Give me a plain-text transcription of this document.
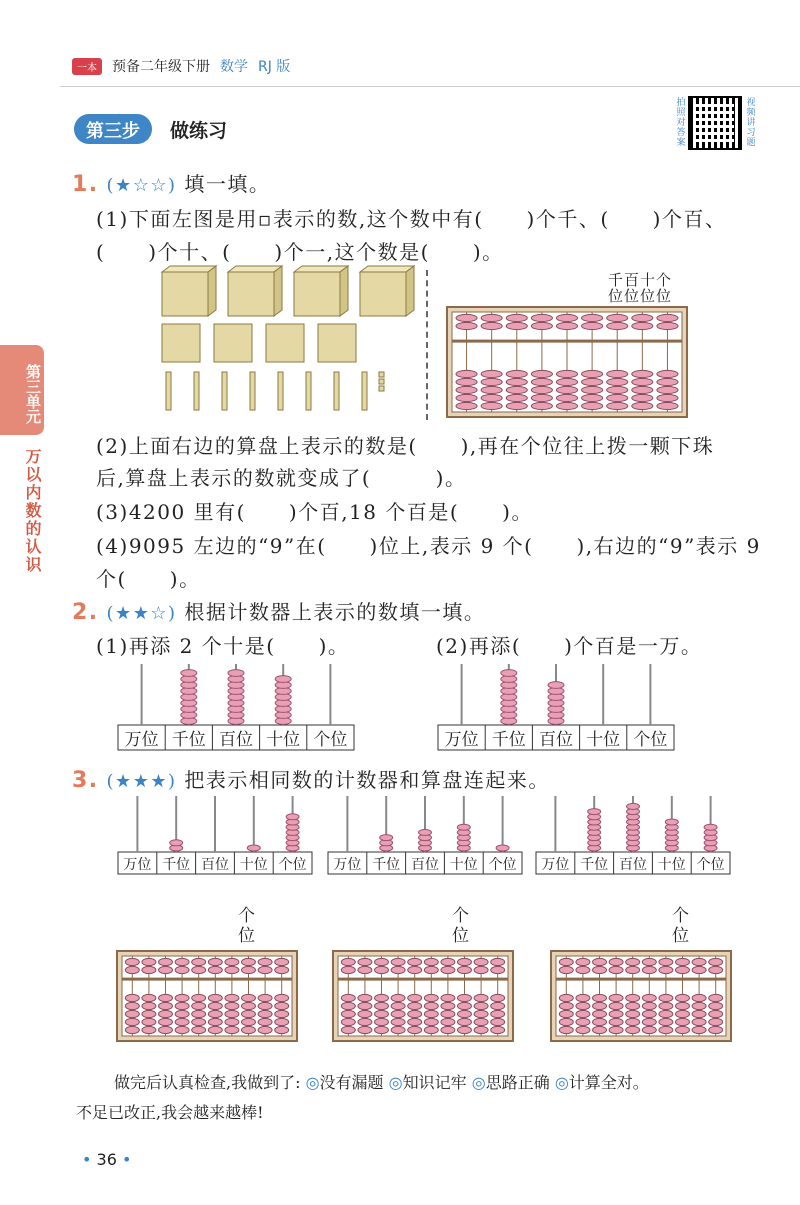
一本	预备二年级下册 数学 RJ 版
第三步	做练习
拍照对答案
视频讲习题
第三单元
万以内数的认识
1. (★☆☆) 填一填。
(1)下面左图是用▫表示的数,这个数中有(　　)个千、(　　)个百、
(　　)个十、(　　)个一,这个数是(　　)。
千百十个
位位位位
(2)上面右边的算盘上表示的数是(　　),再在个位往上拨一颗下珠
后,算盘上表示的数就变成了(　　　)。
(3)4200 里有(　　)个百,18 个百是(　　)。
(4)9095 左边的“9”在(　　)位上,表示 9 个(　　),右边的“9”表示 9
个(　　)。
2. (★★☆) 根据计数器上表示的数填一填。
(1)再添 2 个十是(　　)。	(2)再添(　　)个百是一万。
万位 千位 百位 十位 个位	万位 千位 百位 十位 个位
3. (★★★) 把表示相同数的计数器和算盘连起来。
万位 千位 百位 十位 个位 万位 千位 百位 十位 个位 万位 千位 百位 十位 个位
个
位
个
位
个
位
做完后认真检查,我做到了: ◎没有漏题 ◎知识记牢 ◎思路正确 ◎计算全对。
不足已改正,我会越来越棒!
• 36 •
